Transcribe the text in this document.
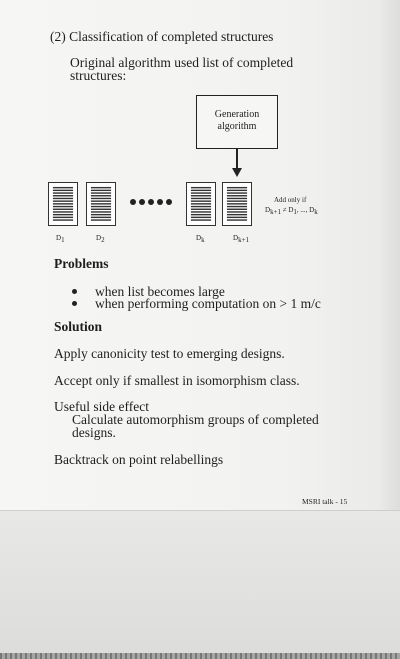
(2) Classification of completed structures
Original algorithm used list of completed
structures:
Generation
algorithm
D1	D2	Dk	Dk+1
Add only if
Dk+1 ≠ D1, ..., Dk
Problems
when list becomes large
when performing computation on > 1 m/c
Solution
Apply canonicity test to emerging designs.
Accept only if smallest in isomorphism class.
Useful side effect
Calculate automorphism groups of completed
designs.
Backtrack on point relabellings
MSRI talk - 15
